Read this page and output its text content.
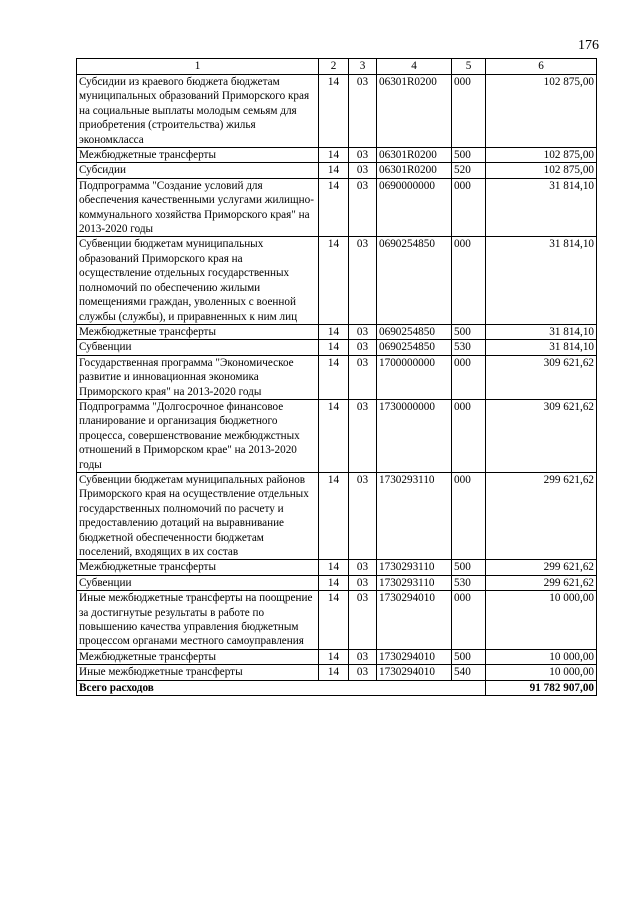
176
1	2	3	4	5	6
Субсидии из краевого бюджета бюджетам муниципальных образований Приморского края на социальные выплаты молодым семьям для приобретения (строительства) жилья экономкласса	14	03	06301R0200	000	102 875,00
Межбюджетные трансферты	14	03	06301R0200	500	102 875,00
Субсидии	14	03	06301R0200	520	102 875,00
Подпрограмма "Создание условий для обеспечения качественными услугами жилищно-коммунального хозяйства Приморского края" на 2013-2020 годы	14	03	0690000000	000	31 814,10
Субвенции бюджетам муниципальных образований Приморского края на осуществление отдельных государственных полномочий по обеспечению жилыми помещениями граждан, уволенных с военной службы (службы), и приравненных к ним лиц	14	03	0690254850	000	31 814,10
Межбюджетные трансферты	14	03	0690254850	500	31 814,10
Субвенции	14	03	0690254850	530	31 814,10
Государственная программа "Экономическое развитие и инновационная экономика Приморского края" на 2013-2020 годы	14	03	1700000000	000	309 621,62
Подпрограмма "Долгосрочное финансовое планирование и организация бюджетного процесса, совершенствование межбюджстных отношений в Приморском крае" на 2013-2020 годы	14	03	1730000000	000	309 621,62
Субвенции бюджетам муниципальных районов Приморского края на осуществление отдельных государственных полномочий по расчету и предоставлению дотаций на выравнивание бюджетной обеспеченности бюджетам поселений, входящих в их состав	14	03	1730293110	000	299 621,62
Межбюджетные трансферты	14	03	1730293110	500	299 621,62
Субвенции	14	03	1730293110	530	299 621,62
Иные межбюджетные трансферты на поощрение за достигнутые результаты в работе по повышению качества управления бюджетным процессом органами местного самоуправления	14	03	1730294010	000	10 000,00
Межбюджетные трансферты	14	03	1730294010	500	10 000,00
Иные межбюджетные трансферты	14	03	1730294010	540	10 000,00
Всего расходов					91 782 907,00
